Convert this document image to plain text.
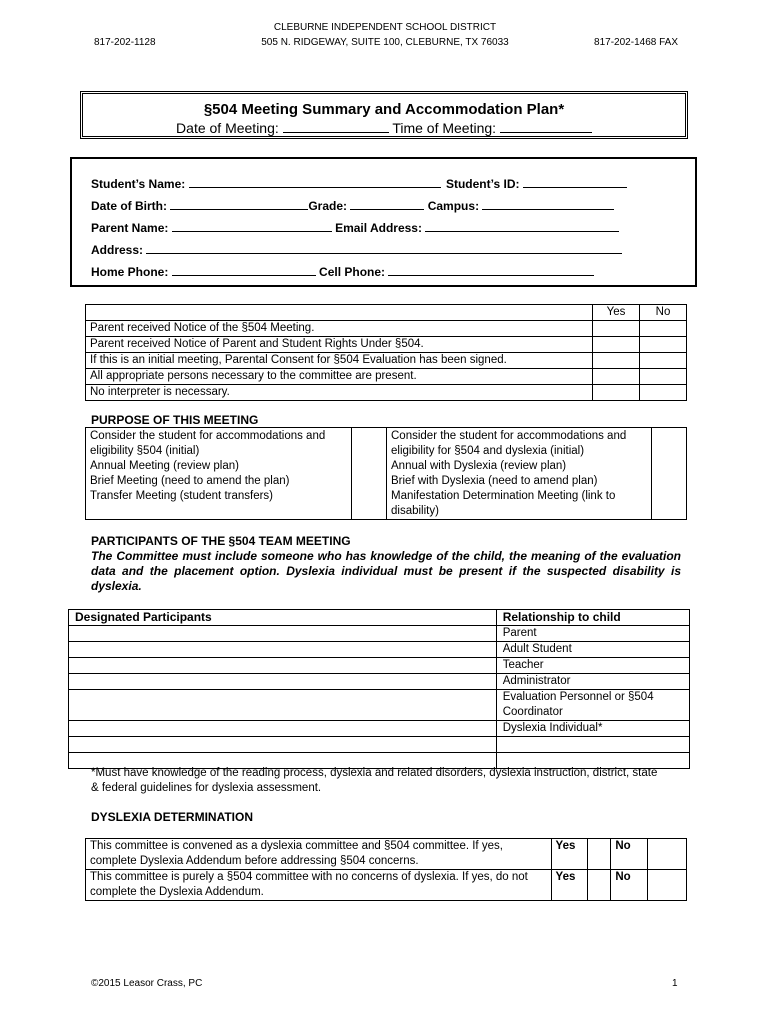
CLEBURNE INDEPENDENT SCHOOL DISTRICT
817-202-1128	505 N. RIDGEWAY, SUITE 100, CLEBURNE, TX 76033	817-202-1468 FAX
§504 Meeting Summary and Accommodation Plan*
Date of Meeting:	Time of Meeting:
Student’s Name:	Student’s ID:
Date of Birth:	Grade:	Campus:
Parent Name:	Email Address:
Address:
Home Phone:	Cell Phone:
	Yes	No
Parent received Notice of the §504 Meeting.		
Parent received Notice of Parent and Student Rights Under §504.		
If this is an initial meeting, Parental Consent for §504 Evaluation has been signed.		
All appropriate persons necessary to the committee are present.		
No interpreter is necessary.		
PURPOSE OF THIS MEETING
Consider the student for accommodations and eligibility §504 (initial)
Annual Meeting (review plan)
Brief Meeting (need to amend the plan)
Transfer Meeting (student transfers)

Consider the student for accommodations and eligibility for §504 and dyslexia (initial)
Annual with Dyslexia (review plan)
Brief with Dyslexia (need to amend plan)
Manifestation Determination Meeting (link to disability)

PARTICIPANTS OF THE §504 TEAM MEETING
The Committee must include someone who has knowledge of the child, the meaning of the evaluation data and the placement option. Dyslexia individual must be present if the suspected disability is dyslexia.
Designated Participants	Relationship to child
	Parent
	Adult Student
	Teacher
	Administrator
	Evaluation Personnel or §504 Coordinator
	Dyslexia Individual*

*Must have knowledge of the reading process, dyslexia and related disorders, dyslexia instruction, district, state & federal guidelines for dyslexia assessment.
DYSLEXIA DETERMINATION
This committee is convened as a dyslexia committee and §504 committee. If yes, complete Dyslexia Addendum before addressing §504 concerns.	Yes		No	
This committee is purely a §504 committee with no concerns of dyslexia. If yes, do not complete the Dyslexia Addendum.	Yes		No	
©2015 Leasor Crass, PC	1
